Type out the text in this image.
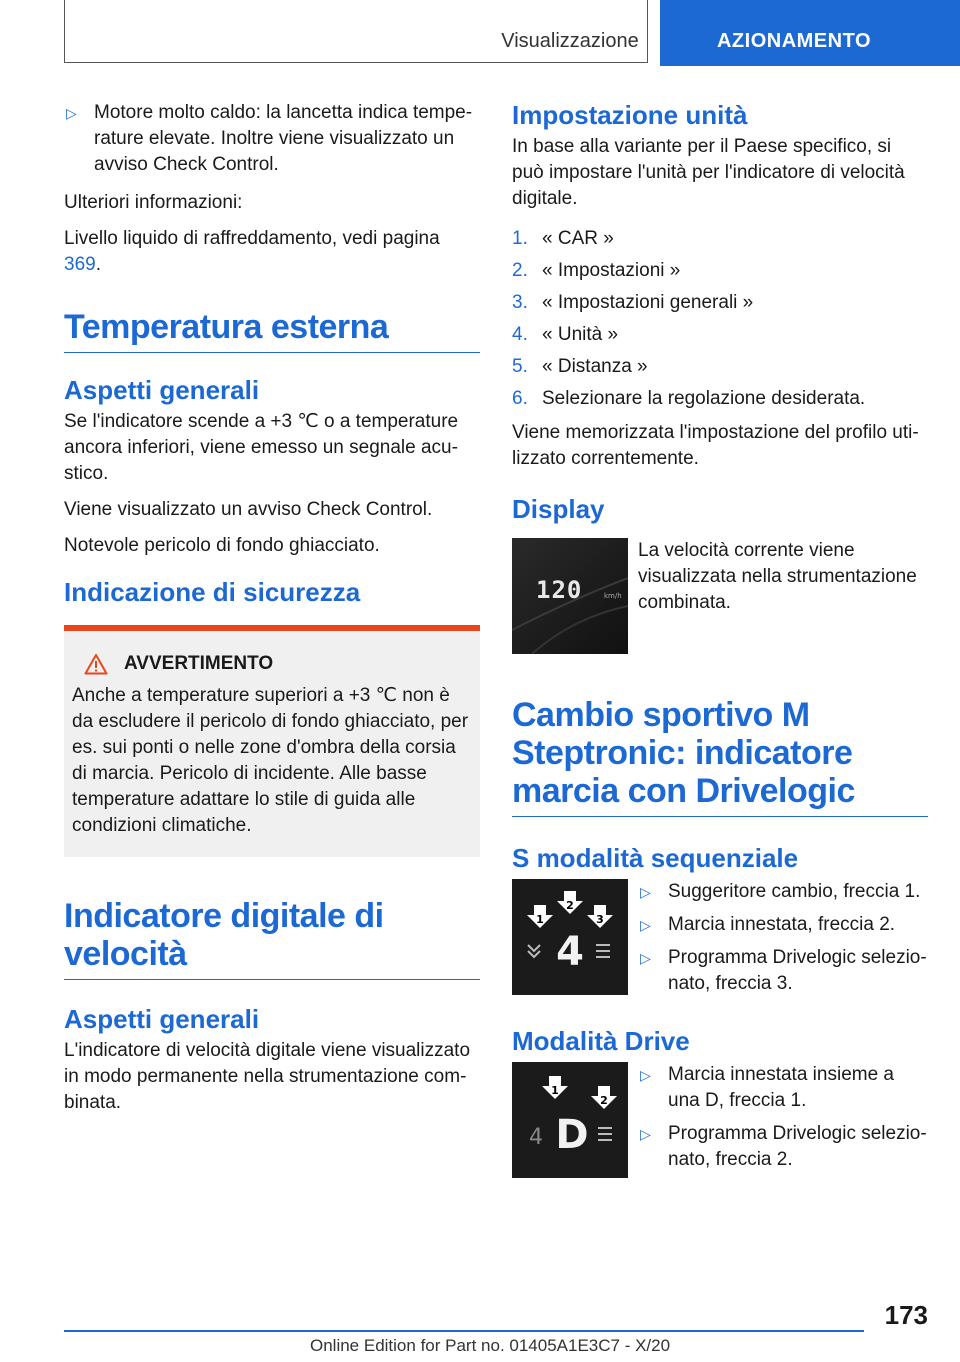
Visualizzazione	AZIONAMENTO
▷ Motore molto caldo: la lancetta indica temperature elevate. Inoltre viene visualizzato un avviso Check Control.

Ulteriori informazioni:

Livello liquido di raffreddamento, vedi pagina 369.

Temperatura esterna
Aspetti generali

Se l'indicatore scende a +3 ℃ o a temperature ancora inferiori, viene emesso un segnale acustico.

Viene visualizzato un avviso Check Control.

Notevole pericolo di fondo ghiacciato.

Indicazione di sicurezza
AVVERTIMENTO

Anche a temperature superiori a +3 ℃ non è da escludere il pericolo di fondo ghiacciato, per es. sui ponti o nelle zone d'ombra della corsia di marcia. Pericolo di incidente. Alle basse temperature adattare lo stile di guida alle condizioni climatiche.

Indicatore digitale di velocità
Aspetti generali

L'indicatore di velocità digitale viene visualizzato in modo permanente nella strumentazione combinata.

Impostazione unità

In base alla variante per il Paese specifico, si può impostare l'unità per l'indicatore di velocità digitale.

1. « CAR »
2. « Impostazioni »
3. « Impostazioni generali »
4. « Unità »
5. « Distanza »
6. Selezionare la regolazione desiderata.

Viene memorizzata l'impostazione del profilo utilizzato correntemente.

Display
120	km/h

La velocità corrente viene visualizzata nella strumentazione combinata.

Cambio sportivo M Steptronic: indicatore marcia con Drivelogic
S modalità sequenziale
1
2
3
4
▷ Suggeritore cambio, freccia 1.
▷ Marcia innestata, freccia 2.
▷ Programma Drivelogic selezionato, freccia 3.
Modalità Drive
1
2
4 D
▷ Marcia innestata insieme a una D, freccia 1.
▷ Programma Drivelogic selezionato, freccia 2.
173
Online Edition for Part no. 01405A1E3C7 - X/20
